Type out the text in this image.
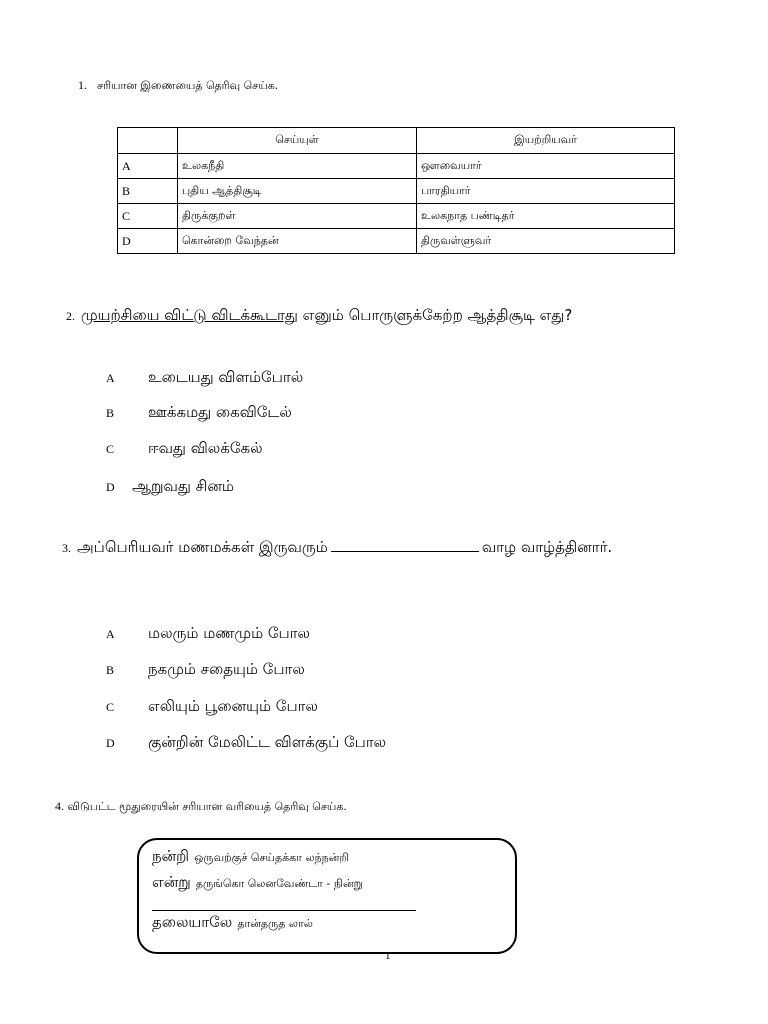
1. சரியான இணையைத் தெரிவு செய்க.
	செய்யுள்	இயற்றியவர்
A	உலகநீதி	ஔவையார்
B	புதிய ஆத்திசூடி	பாரதியார்
C	திருக்குறள்	உலகநாத பண்டிதர்
D	கொன்றை வேந்தன்	திருவள்ளுவர்
2. முயற்சியை விட்டு விடக்கூடாது எனும் பொருளுக்கேற்ற ஆத்திசூடி எது?
A உடையது விளம்போல்
B ஊக்கமது கைவிடேல்
C ஈவது விலக்கேல்
D ஆறுவது சினம்
3. அப்பெரியவர் மணமக்கள் இருவரும்	வாழ வாழ்த்தினார்.
A மலரும் மணமும் போல
B நகமும் சதையும் போல
C எலியும் பூனையும் போல
D குன்றின் மேலிட்ட விளக்குப் போல
4. விடுபட்ட மூதுரையின் சரியான வரியைத் தெரிவு செய்க.
நன்றி ஒருவற்குச் செய்தக்கா லந்நன்றி
என்று தருங்கொ லெனவேண்டா - நின்று
தலையாலே தான்தருத லால்
1
